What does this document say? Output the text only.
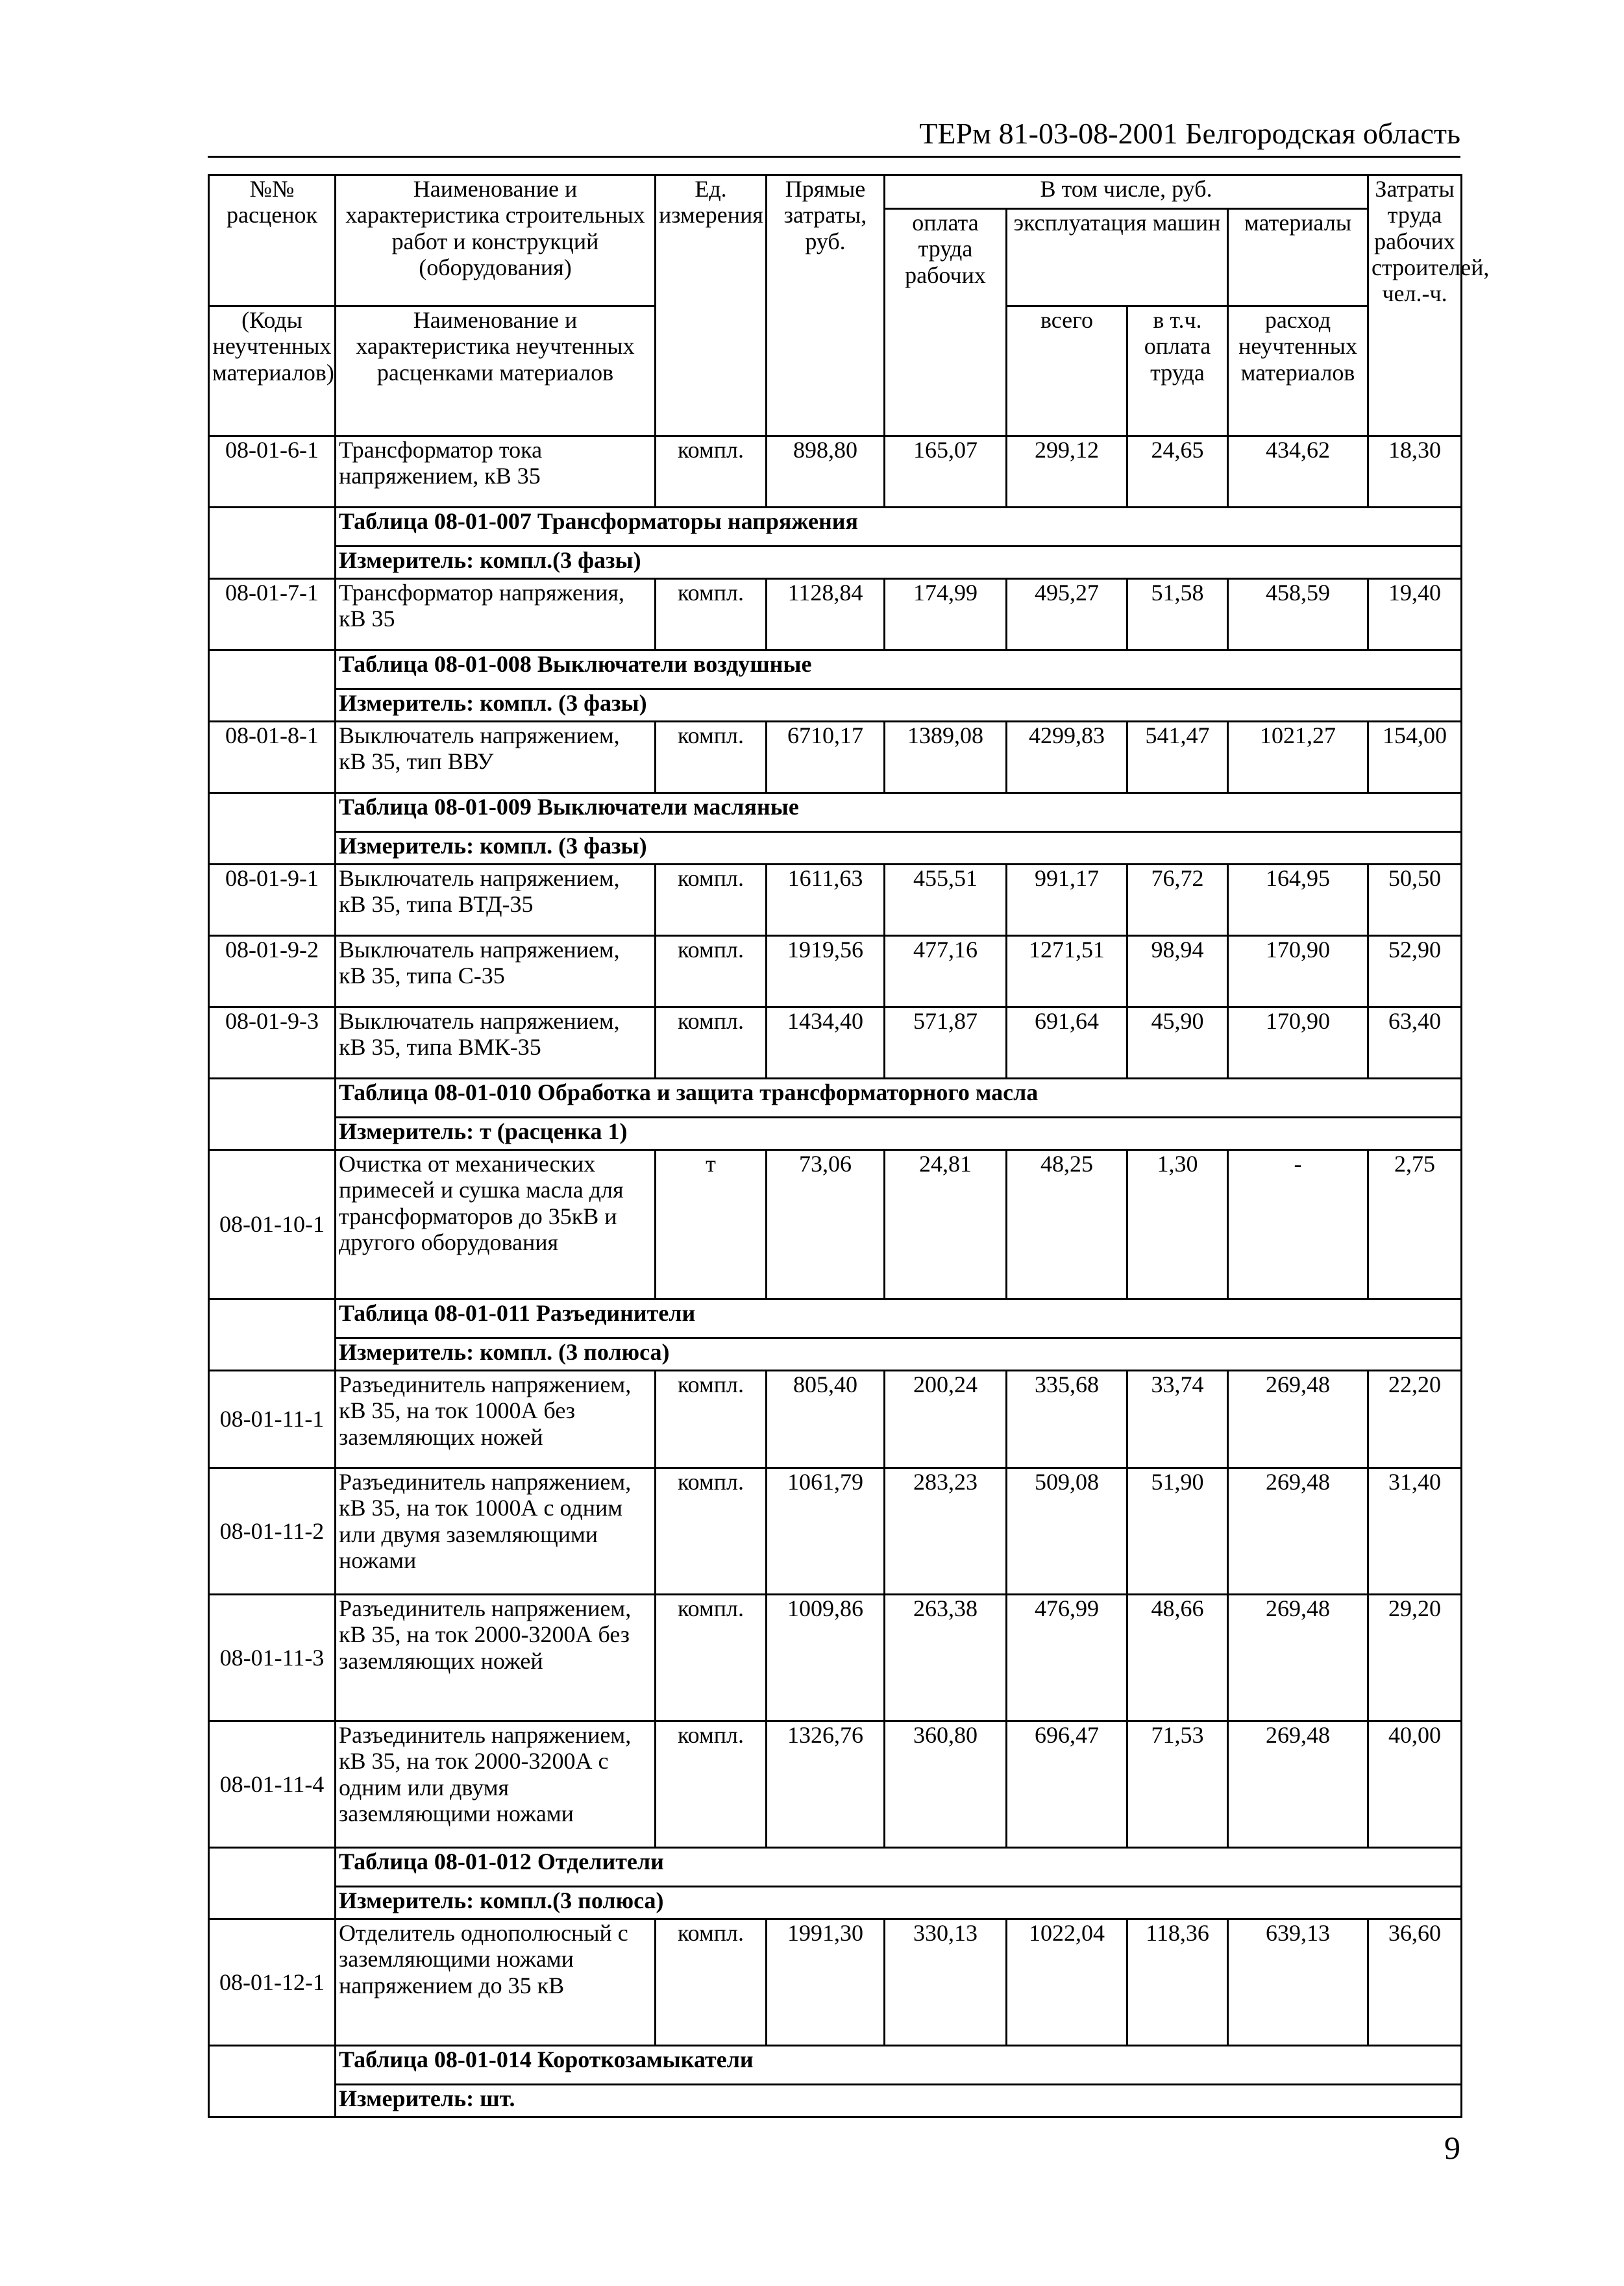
ТЕРм 81-03-08-2001 Белгородская область
№№ расценок	Наименование и характеристика строительных работ и конструкций (оборудования)	Ед. измерения	Прямые затраты, руб.	В том числе, руб.				Затраты труда рабочих строителей, чел.-ч.
				оплата труда рабочих	эксплуатация машин		материалы	
(Коды неучтенных материалов)	Наименование и характеристика неучтенных расценками материалов				всего	в т.ч. оплата труда	расход неучтенных материалов	
08-01-6-1	Трансформатор тока напряжением, кВ 35	компл.	898,80	165,07	299,12	24,65	434,62	18,30
	Таблица 08-01-007 Трансформаторы напряжения							
	Измеритель: компл.(3 фазы)							
08-01-7-1	Трансформатор напряжения, кВ 35	компл.	1128,84	174,99	495,27	51,58	458,59	19,40
	Таблица 08-01-008 Выключатели воздушные							
	Измеритель: компл. (3 фазы)							
08-01-8-1	Выключатель напряжением, кВ 35, тип ВВУ	компл.	6710,17	1389,08	4299,83	541,47	1021,27	154,00
	Таблица 08-01-009 Выключатели масляные							
	Измеритель: компл. (3 фазы)							
08-01-9-1	Выключатель напряжением, кВ 35, типа ВТД-35	компл.	1611,63	455,51	991,17	76,72	164,95	50,50
08-01-9-2	Выключатель напряжением, кВ 35, типа С-35	компл.	1919,56	477,16	1271,51	98,94	170,90	52,90
08-01-9-3	Выключатель напряжением, кВ 35, типа ВМК-35	компл.	1434,40	571,87	691,64	45,90	170,90	63,40
	Таблица 08-01-010 Обработка и защита трансформаторного масла							
	Измеритель: т (расценка 1)							
08-01-10-1	Очистка от механических примесей и сушка масла для трансформаторов до 35кВ и другого оборудования	т	73,06	24,81	48,25	1,30	-	2,75
	Таблица 08-01-011 Разъединители							
	Измеритель: компл. (3 полюса)							
08-01-11-1	Разъединитель напряжением, кВ 35, на ток 1000А без заземляющих ножей	компл.	805,40	200,24	335,68	33,74	269,48	22,20
08-01-11-2	Разъединитель напряжением, кВ 35, на ток 1000А с одним или двумя заземляющими ножами	компл.	1061,79	283,23	509,08	51,90	269,48	31,40
08-01-11-3	Разъединитель напряжением, кВ 35, на ток 2000-3200А без заземляющих ножей	компл.	1009,86	263,38	476,99	48,66	269,48	29,20
08-01-11-4	Разъединитель напряжением, кВ 35, на ток 2000-3200А с одним или двумя заземляющими ножами	компл.	1326,76	360,80	696,47	71,53	269,48	40,00
	Таблица 08-01-012 Отделители							
	Измеритель: компл.(3 полюса)							
08-01-12-1	Отделитель однополюсный с заземляющими ножами напряжением до 35 кВ	компл.	1991,30	330,13	1022,04	118,36	639,13	36,60
	Таблица 08-01-014 Короткозамыкатели							
	Измеритель: шт.							
9
